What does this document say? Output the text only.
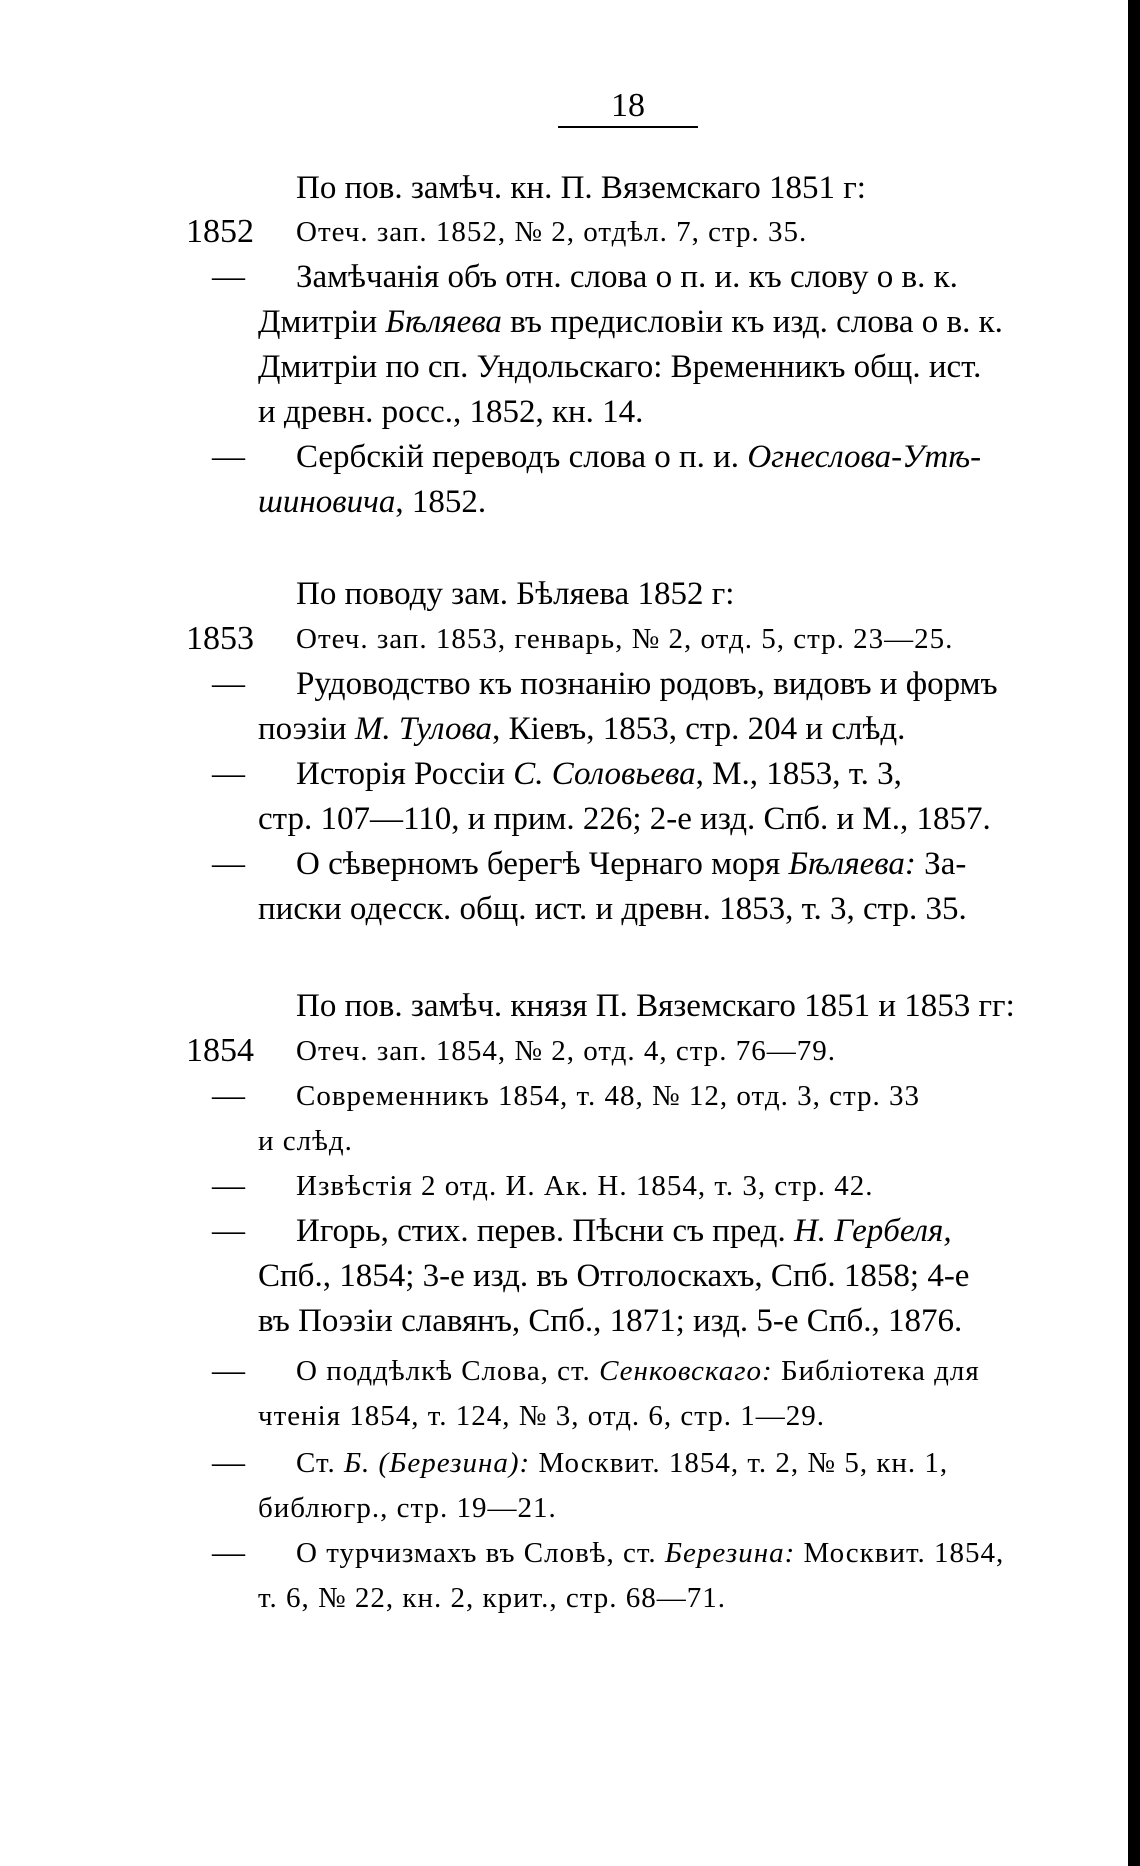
18
По пов. замѣч. кн. П. Вяземскаго 1851 г:
1852 Отеч. зап. 1852, № 2, отдѣл. 7, стр. 35.
— Замѣчанія объ отн. слова о п. и. къ слову о в. к.
Дмитріи Бѣляева въ предисловіи къ изд. слова о в. к.
Дмитріи по сп. Ундольскаго: Временникъ общ. ист.
и древн. росс., 1852, кн. 14.
— Сербскій переводъ слова о п. и. Огнеслова-Утѣ-
шиновича, 1852.
По поводу зам. Бѣляева 1852 г:
1853 Отеч. зап. 1853, генварь, № 2, отд. 5, стр. 23—25.
— Рудоводство къ познанію родовъ, видовъ и формъ
поэзіи М. Тулова, Кіевъ, 1853, стр. 204 и слѣд.
— Исторія Россіи С. Соловьева, М., 1853, т. 3,
стр. 107—110, и прим. 226; 2-е изд. Спб. и М., 1857.
— О сѣверномъ берегѣ Чернаго моря Бѣляева: За-
писки одесск. общ. ист. и древн. 1853, т. 3, стр. 35.
По пов. замѣч. князя П. Вяземскаго 1851 и 1853 гг:
1854 Отеч. зап. 1854, № 2, отд. 4, стр. 76—79.
— Современникъ 1854, т. 48, № 12, отд. 3, стр. 33
и слѣд.
— Извѣстія 2 отд. И. Ак. Н. 1854, т. 3, стр. 42.
— Игорь, стих. перев. Пѣсни съ пред. Н. Гербеля,
Спб., 1854; 3-е изд. въ Отголоскахъ, Спб. 1858; 4-е
въ Поэзіи славянъ, Спб., 1871; изд. 5-е Спб., 1876.
— О поддѣлкѣ Слова, ст. Сенковскаго: Библіотека для
чтенія 1854, т. 124, № 3, отд. 6, стр. 1—29.
— Ст. Б. (Березина): Москвит. 1854, т. 2, № 5, кн. 1,
библюгр., стр. 19—21.
— О турчизмахъ въ Словѣ, ст. Березина: Москвит. 1854,
т. 6, № 22, кн. 2, крит., стр. 68—71.
